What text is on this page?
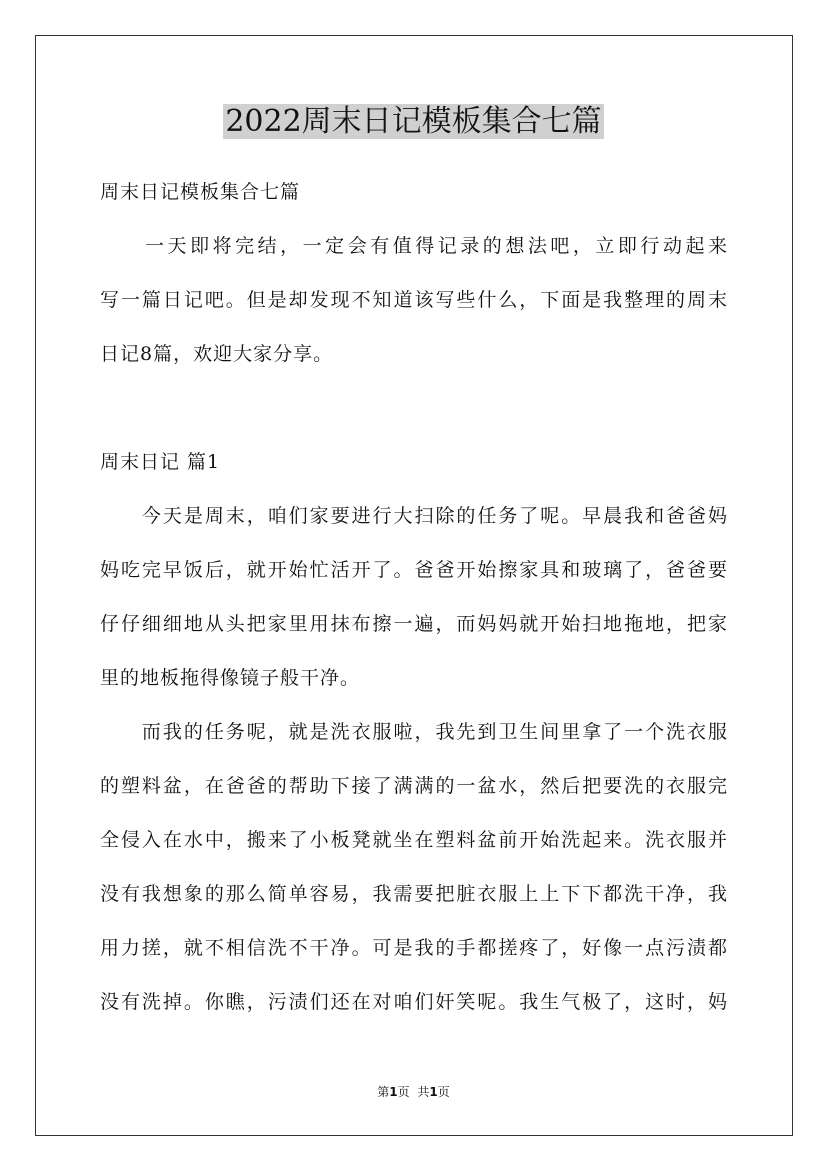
2022周末日记模板集合七篇
周末日记模板集合七篇
　　一天即将完结，一定会有值得记录的想法吧，立即行动起来
写一篇日记吧。但是却发现不知道该写些什么，下面是我整理的周末
日记8篇，欢迎大家分享。
周末日记 篇1
　　今天是周末，咱们家要进行大扫除的任务了呢。早晨我和爸爸妈
妈吃完早饭后，就开始忙活开了。爸爸开始擦家具和玻璃了，爸爸要
仔仔细细地从头把家里用抹布擦一遍，而妈妈就开始扫地拖地，把家
里的地板拖得像镜子般干净。
　　而我的任务呢，就是洗衣服啦，我先到卫生间里拿了一个洗衣服
的塑料盆，在爸爸的帮助下接了满满的一盆水，然后把要洗的衣服完
全侵入在水中，搬来了小板凳就坐在塑料盆前开始洗起来。洗衣服并
没有我想象的那么简单容易，我需要把脏衣服上上下下都洗干净，我
用力搓，就不相信洗不干净。可是我的手都搓疼了，好像一点污渍都
没有洗掉。你瞧，污渍们还在对咱们奸笑呢。我生气极了，这时，妈
第1页 共1页
